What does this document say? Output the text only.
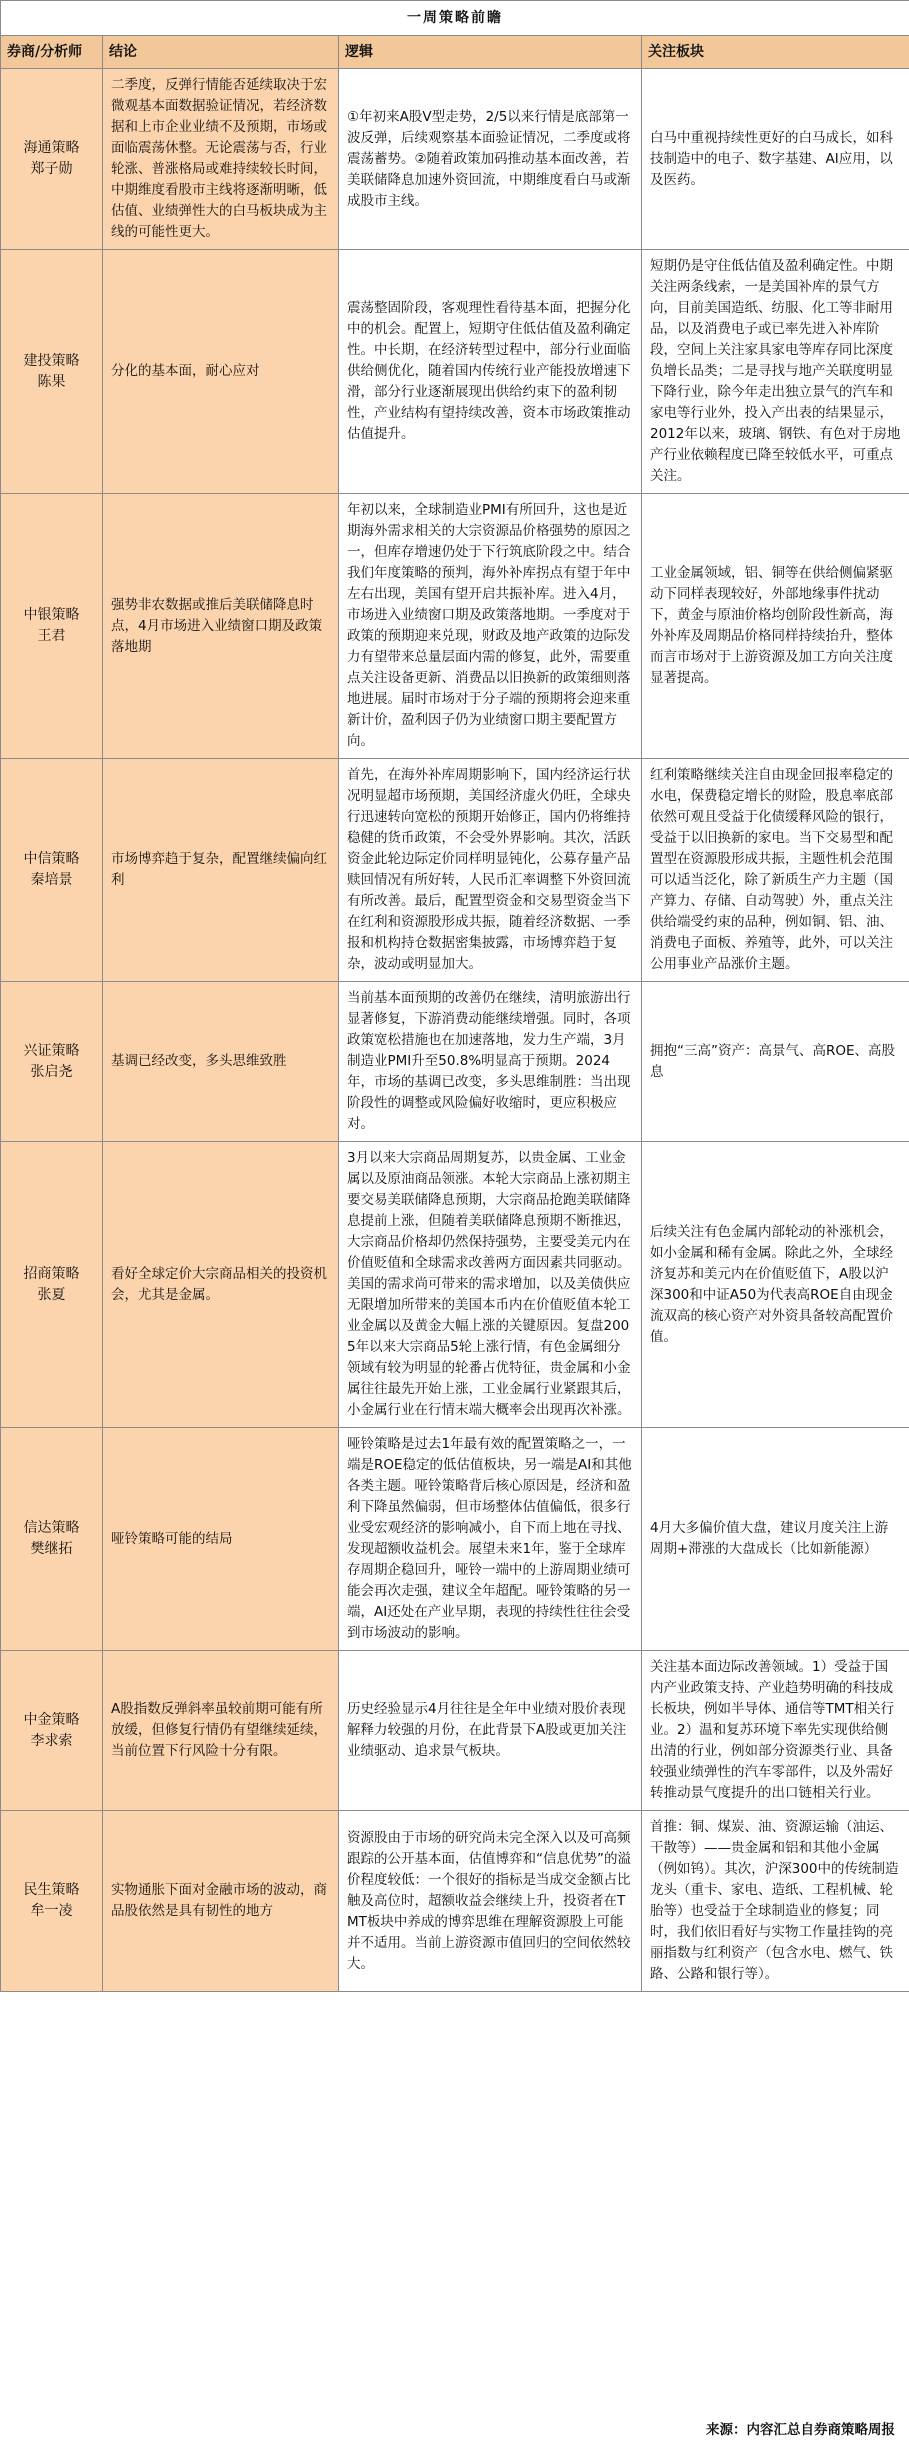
一周策略前瞻			
券商/分析师	结论	逻辑	关注板块

海通策略
郑子勋	二季度，反弹行情能否延续取决于宏微观基本面数据验证情况，若经济数据和上市企业业绩不及预期，市场或面临震荡休整。无论震荡与否，行业轮涨、普涨格局或难持续较长时间，中期维度看股市主线将逐渐明晰，低估值、业绩弹性大的白马板块成为主线的可能性更大。	①年初来A股V型走势，2/5以来行情是底部第一波反弹，后续观察基本面验证情况，二季度或将震荡蓄势。②随着政策加码推动基本面改善，若美联储降息加速外资回流，中期维度看白马或渐成股市主线。	白马中重视持续性更好的白马成长，如科技制造中的电子、数字基建、AI应用，以及医药。

建投策略
陈果	分化的基本面，耐心应对	震荡整固阶段，客观理性看待基本面，把握分化中的机会。配置上，短期守住低估值及盈利确定性。中长期，在经济转型过程中，部分行业面临供给侧优化，随着国内传统行业产能投放增速下滑，部分行业逐渐展现出供给约束下的盈利韧性，产业结构有望持续改善，资本市场政策推动估值提升。	短期仍是守住低估值及盈利确定性。中期关注两条线索，一是美国补库的景气方向，目前美国造纸、纺服、化工等非耐用品，以及消费电子或已率先进入补库阶段，空间上关注家具家电等库存同比深度负增长品类；二是寻找与地产关联度明显下降行业，除今年走出独立景气的汽车和家电等行业外，投入产出表的结果显示，2012年以来，玻璃、钢铁、有色对于房地产行业依赖程度已降至较低水平，可重点关注。

中银策略
王君	强势非农数据或推后美联储降息时点，4月市场进入业绩窗口期及政策落地期	年初以来，全球制造业PMI有所回升，这也是近期海外需求相关的大宗资源品价格强势的原因之一，但库存增速仍处于下行筑底阶段之中。结合我们年度策略的预判，海外补库拐点有望于年中左右出现，美国有望开启共振补库。进入4月，市场进入业绩窗口期及政策落地期。一季度对于政策的预期迎来兑现，财政及地产政策的边际发力有望带来总量层面内需的修复，此外，需要重点关注设备更新、消费品以旧换新的政策细则落地进展。届时市场对于分子端的预期将会迎来重新计价，盈利因子仍为业绩窗口期主要配置方向。	工业金属领域，铝、铜等在供给侧偏紧驱动下同样表现较好，外部地缘事件扰动下，黄金与原油价格均创阶段性新高，海外补库及周期品价格同样持续抬升，整体而言市场对于上游资源及加工方向关注度显著提高。

中信策略
秦培景	市场博弈趋于复杂，配置继续偏向红利	首先，在海外补库周期影响下，国内经济运行状况明显超市场预期，美国经济虚火仍旺，全球央行迅速转向宽松的预期开始修正，国内仍将维持稳健的货币政策，不会受外界影响。其次，活跃资金此轮边际定价同样明显钝化，公募存量产品赎回情况有所好转，人民币汇率调整下外资回流有所改善。最后，配置型资金和交易型资金当下在红利和资源股形成共振，随着经济数据、一季报和机构持仓数据密集披露，市场博弈趋于复杂，波动或明显加大。	红利策略继续关注自由现金回报率稳定的水电，保费稳定增长的财险，股息率底部依然可观且受益于化债缓释风险的银行，受益于以旧换新的家电。当下交易型和配置型在资源股形成共振，主题性机会范围可以适当泛化，除了新质生产力主题（国产算力、存储、自动驾驶）外，重点关注供给端受约束的品种，例如铜、铝、油、消费电子面板、养殖等，此外，可以关注公用事业产品涨价主题。

兴证策略
张启尧	基调已经改变，多头思维致胜	当前基本面预期的改善仍在继续，清明旅游出行显著修复，下游消费动能继续增强。同时，各项政策宽松措施也在加速落地，发力生产端，3月制造业PMI升至50.8%明显高于预期。2024年，市场的基调已改变，多头思维制胜：当出现阶段性的调整或风险偏好收缩时，更应积极应对。	拥抱“三高”资产：高景气、高ROE、高股息

招商策略
张夏	看好全球定价大宗商品相关的投资机会，尤其是金属。	3月以来大宗商品周期复苏，以贵金属、工业金属以及原油商品领涨。本轮大宗商品上涨初期主要交易美联储降息预期，大宗商品抢跑美联储降息提前上涨，但随着美联储降息预期不断推迟，大宗商品价格却仍然保持强势，主要受美元内在价值贬值和全球需求改善两方面因素共同驱动。美国的需求尚可带来的需求增加，以及美债供应无限增加所带来的美国本币内在价值贬值本轮工业金属以及黄金大幅上涨的关键原因。复盘2005年以来大宗商品5轮上涨行情，有色金属细分领域有较为明显的轮番占优特征，贵金属和小金属往往最先开始上涨，工业金属行业紧跟其后，小金属行业在行情末端大概率会出现再次补涨。	后续关注有色金属内部轮动的补涨机会，如小金属和稀有金属。除此之外，全球经济复苏和美元内在价值贬值下，A股以沪深300和中证A50为代表高ROE自由现金流双高的核心资产对外资具备较高配置价值。

信达策略
樊继拓	哑铃策略可能的结局	哑铃策略是过去1年最有效的配置策略之一，一端是ROE稳定的低估值板块，另一端是AI和其他各类主题。哑铃策略背后核心原因是，经济和盈利下降虽然偏弱，但市场整体估值偏低，很多行业受宏观经济的影响减小，自下而上地在寻找、发现超额收益机会。展望未来1年，鉴于全球库存周期企稳回升，哑铃一端中的上游周期业绩可能会再次走强，建议全年超配。哑铃策略的另一端，AI还处在产业早期，表现的持续性往往会受到市场波动的影响。	4月大多偏价值大盘，建议月度关注上游周期+滞涨的大盘成长（比如新能源）

中金策略
李求索	A股指数反弹斜率虽较前期可能有所放缓，但修复行情仍有望继续延续，当前位置下行风险十分有限。	历史经验显示4月往往是全年中业绩对股价表现解释力较强的月份，在此背景下A股或更加关注业绩驱动、追求景气板块。	关注基本面边际改善领域。1）受益于国内产业政策支持、产业趋势明确的科技成长板块，例如半导体、通信等TMT相关行业。2）温和复苏环境下率先实现供给侧出清的行业，例如部分资源类行业、具备较强业绩弹性的汽车零部件，以及外需好转推动景气度提升的出口链相关行业。

民生策略
牟一凌	实物通胀下面对金融市场的波动，商品股依然是具有韧性的地方	资源股由于市场的研究尚未完全深入以及可高频跟踪的公开基本面，估值博弈和“信息优势”的溢价程度较低：一个很好的指标是当成交金额占比触及高位时，超额收益会继续上升，投资者在TMT板块中养成的博弈思维在理解资源股上可能并不适用。当前上游资源市值回归的空间依然较大。	首推：铜、煤炭、油、资源运输（油运、干散等）——贵金属和铝和其他小金属（例如钨）。其次，沪深300中的传统制造龙头（重卡、家电、造纸、工程机械、轮胎等）也受益于全球制造业的修复；同时，我们依旧看好与实物工作量挂钩的亮丽指数与红利资产（包含水电、燃气、铁路、公路和银行等）。
来源：内容汇总自券商策略周报
